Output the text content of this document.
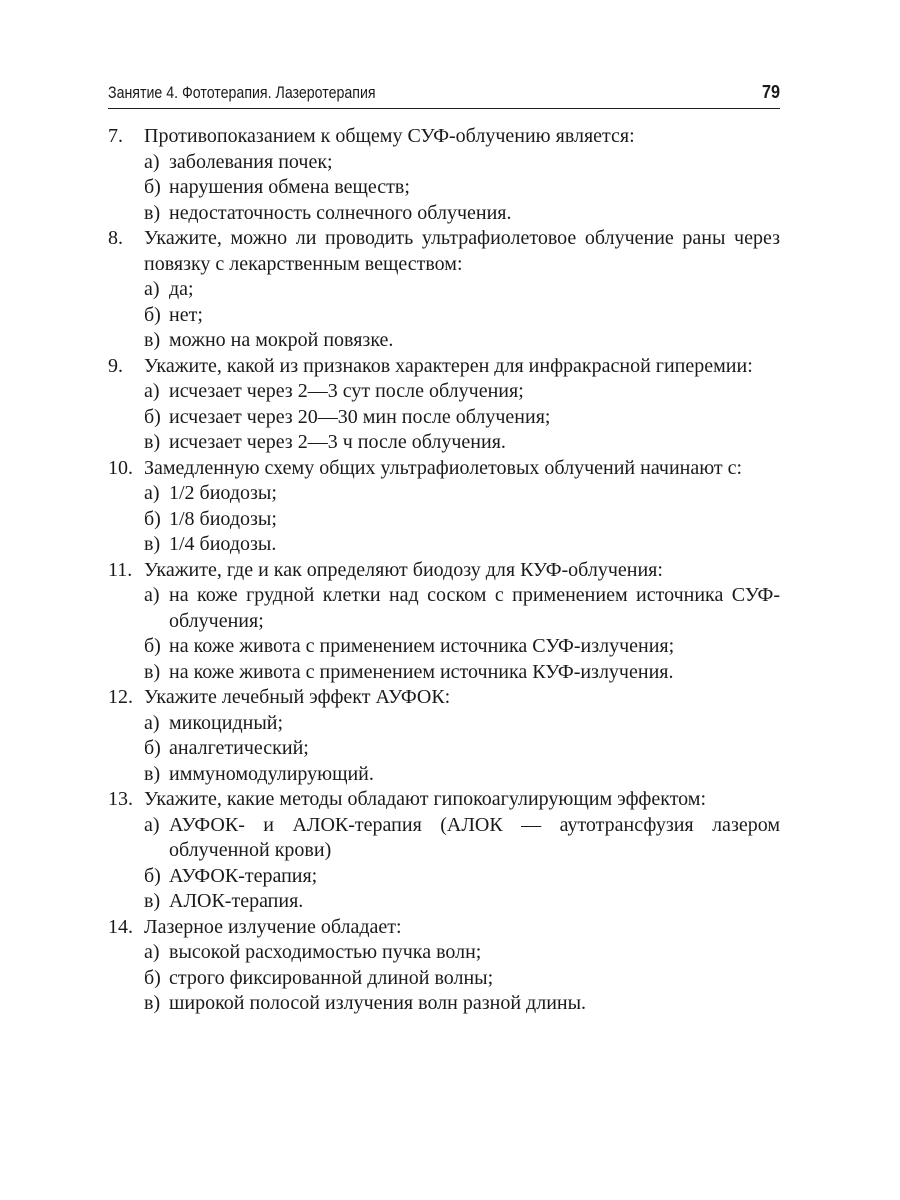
Занятие 4. Фототерапия. Лазеротерапия	79
7. Противопоказанием к общему СУФ-облучению является:
а) заболевания почек;
б) нарушения обмена веществ;
в) недостаточность солнечного облучения.
8. Укажите, можно ли проводить ультрафиолетовое облучение раны через повязку с лекарственным веществом:
а) да;
б) нет;
в) можно на мокрой повязке.
9. Укажите, какой из признаков характерен для инфракрасной гиперемии:
а) исчезает через 2—3 сут после облучения;
б) исчезает через 20—30 мин после облучения;
в) исчезает через 2—3 ч после облучения.
10. Замедленную схему общих ультрафиолетовых облучений начинают с:
а) 1/2 биодозы;
б) 1/8 биодозы;
в) 1/4 биодозы.
11. Укажите, где и как определяют биодозу для КУФ-облучения:
а) на коже грудной клетки над соском с применением источника СУФ-облучения;
б) на коже живота с применением источника СУФ-излучения;
в) на коже живота с применением источника КУФ-излучения.
12. Укажите лечебный эффект АУФОК:
а) микоцидный;
б) аналгетический;
в) иммуномодулирующий.
13. Укажите, какие методы обладают гипокоагулирующим эффектом:
а) АУФОК- и АЛОК-терапия (АЛОК — аутотрансфузия лазером облученной крови)
б) АУФОК-терапия;
в) АЛОК-терапия.
14. Лазерное излучение обладает:
а) высокой расходимостью пучка волн;
б) строго фиксированной длиной волны;
в) широкой полосой излучения волн разной длины.
